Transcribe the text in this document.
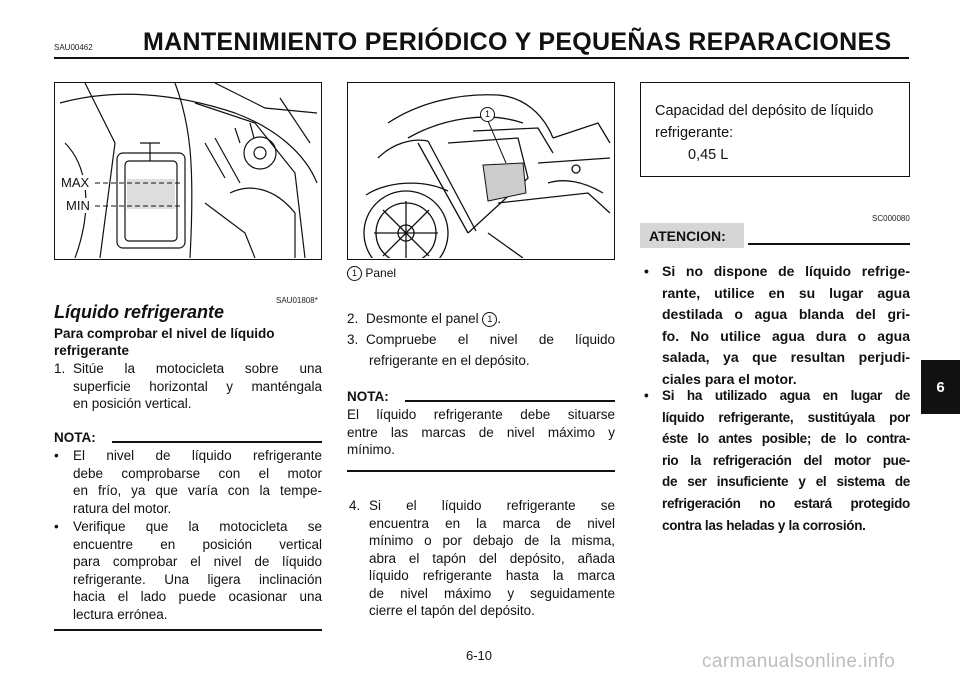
SAU00462 MANTENIMIENTO PERIÓDICO Y PEQUEÑAS REPARACIONES
MAX
MIN
1
1 Panel
SAU01808*
Líquido refrigerante
Para comprobar el nivel de líquido
refrigerante
1. Sitúe la motocicleta sobre una
superficie horizontal y manténgala
en posición vertical.
NOTA:
• El nivel de líquido refrigerante
debe comprobarse con el motor
en frío, ya que varía con la tempe-
ratura del motor.
• Verifique que la motocicleta se
encuentre en posición vertical
para comprobar el nivel de líquido
refrigerante. Una ligera inclinación
hacia el lado puede ocasionar una
lectura errónea.
2. Desmonte el panel 1 .
3. Compruebe el nivel de líquido
refrigerante en el depósito.
NOTA:
El líquido refrigerante debe situarse
entre las marcas de nivel máximo y
mínimo.
4. Si el líquido refrigerante se
encuentra en la marca de nivel
mínimo o por debajo de la misma,
abra el tapón del depósito, añada
líquido refrigerante hasta la marca
de nivel máximo y seguidamente
cierre el tapón del depósito.
Capacidad del depósito de líquido
refrigerante:
0,45 L
SC000080
ATENCION:
• Si no dispone de líquido refrige-
rante, utilice en su lugar agua
destilada o agua blanda del gri-
fo. No utilice agua dura o agua
salada, ya que resultan perjudi-
ciales para el motor.
• Si ha utilizado agua en lugar de
líquido refrigerante, sustitúyala por
éste lo antes posible; de lo contra-
rio la refrigeración del motor pue-
de ser insuficiente y el sistema de
refrigeración no estará protegido
contra las heladas y la corrosión.
6
6-10	carmanualsonline.info
